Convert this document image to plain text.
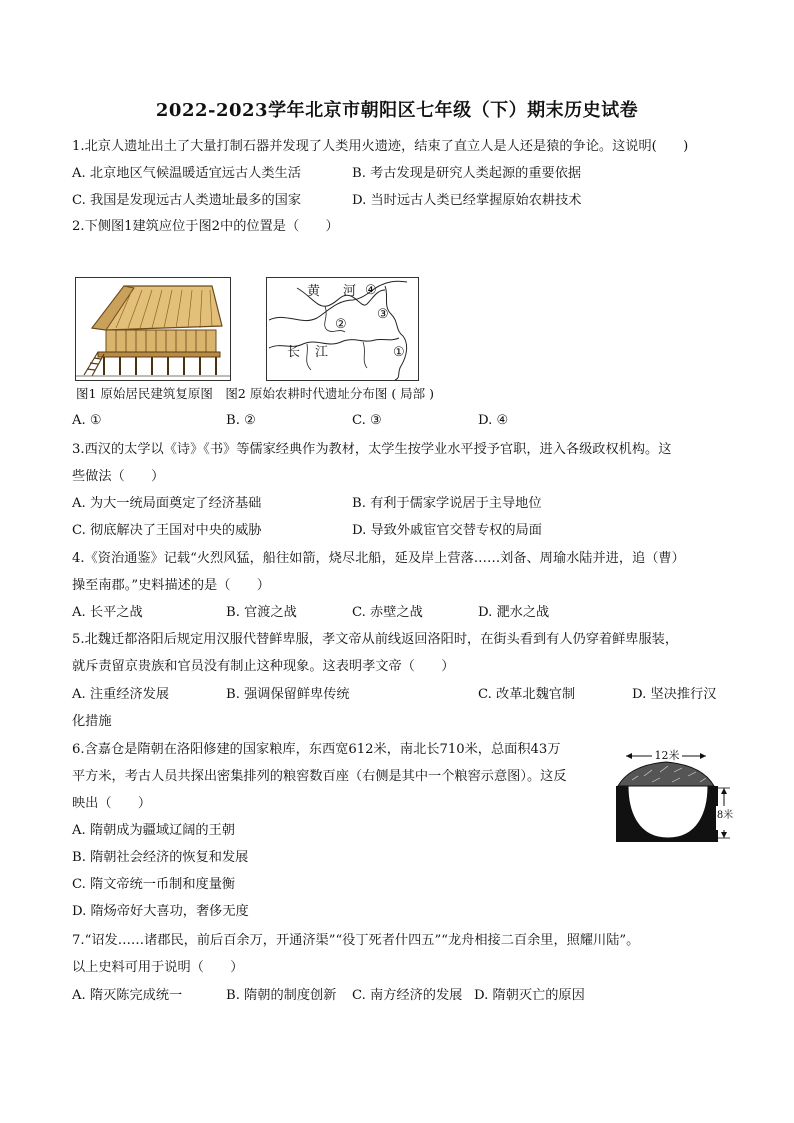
2022-2023学年北京市朝阳区七年级（下）期末历史试卷
1.北京人遗址出土了大量打制石器并发现了人类用火遗迹，结束了直立人是人还是猿的争论。这说明(　　)
A. 北京地区气候温暖适宜远古人类生活	B. 考古发现是研究人类起源的重要依据
C. 我国是发现远古人类遗址最多的国家	D. 当时远古人类已经掌握原始农耕技术
2.下侧图1建筑应位于图2中的位置是（　　）
黄 河 ④
②
③
长 江	①
图1 原始居民建筑复原图　图2 原始农耕时代遗址分布图 ( 局部 )
A. ①	B. ②	C. ③	D. ④
3.西汉的太学以《诗》《书》等儒家经典作为教材，太学生按学业水平授予官职，进入各级政权机构。这
些做法（　　）
A. 为大一统局面奠定了经济基础	B. 有利于儒家学说居于主导地位
C. 彻底解决了王国对中央的威胁	D. 导致外戚宦官交替专权的局面
4.《资治通鉴》记载“火烈风猛，船往如箭，烧尽北船，延及岸上营落……刘备、周瑜水陆并进，追（曹）
操至南郡。”史料描述的是（　　）
A. 长平之战	B. 官渡之战	C. 赤壁之战	D. 淝水之战
5.北魏迁都洛阳后规定用汉服代替鲜卑服，孝文帝从前线返回洛阳时，在街头看到有人仍穿着鲜卑服装，
就斥责留京贵族和官员没有制止这种现象。这表明孝文帝（　　）
A. 注重经济发展	B. 强调保留鲜卑传统	C. 改革北魏官制	D. 坚决推行汉
化措施
6.含嘉仓是隋朝在洛阳修建的国家粮库，东西宽612米，南北长710米，总面积43万
平方米，考古人员共探出密集排列的粮窖数百座（右侧是其中一个粮窖示意图）。这反
映出（　　）
A. 隋朝成为疆域辽阔的王朝
B. 隋朝社会经济的恢复和发展
C. 隋文帝统一币制和度量衡
D. 隋炀帝好大喜功，奢侈无度
12米
8米
7.“诏发……诸郡民，前后百余万，开通济渠”“役丁死者什四五”“龙舟相接二百余里，照耀川陆”。
以上史料可用于说明（　　）
A. 隋灭陈完成统一	B. 隋朝的制度创新 C. 南方经济的发展 D. 隋朝灭亡的原因
